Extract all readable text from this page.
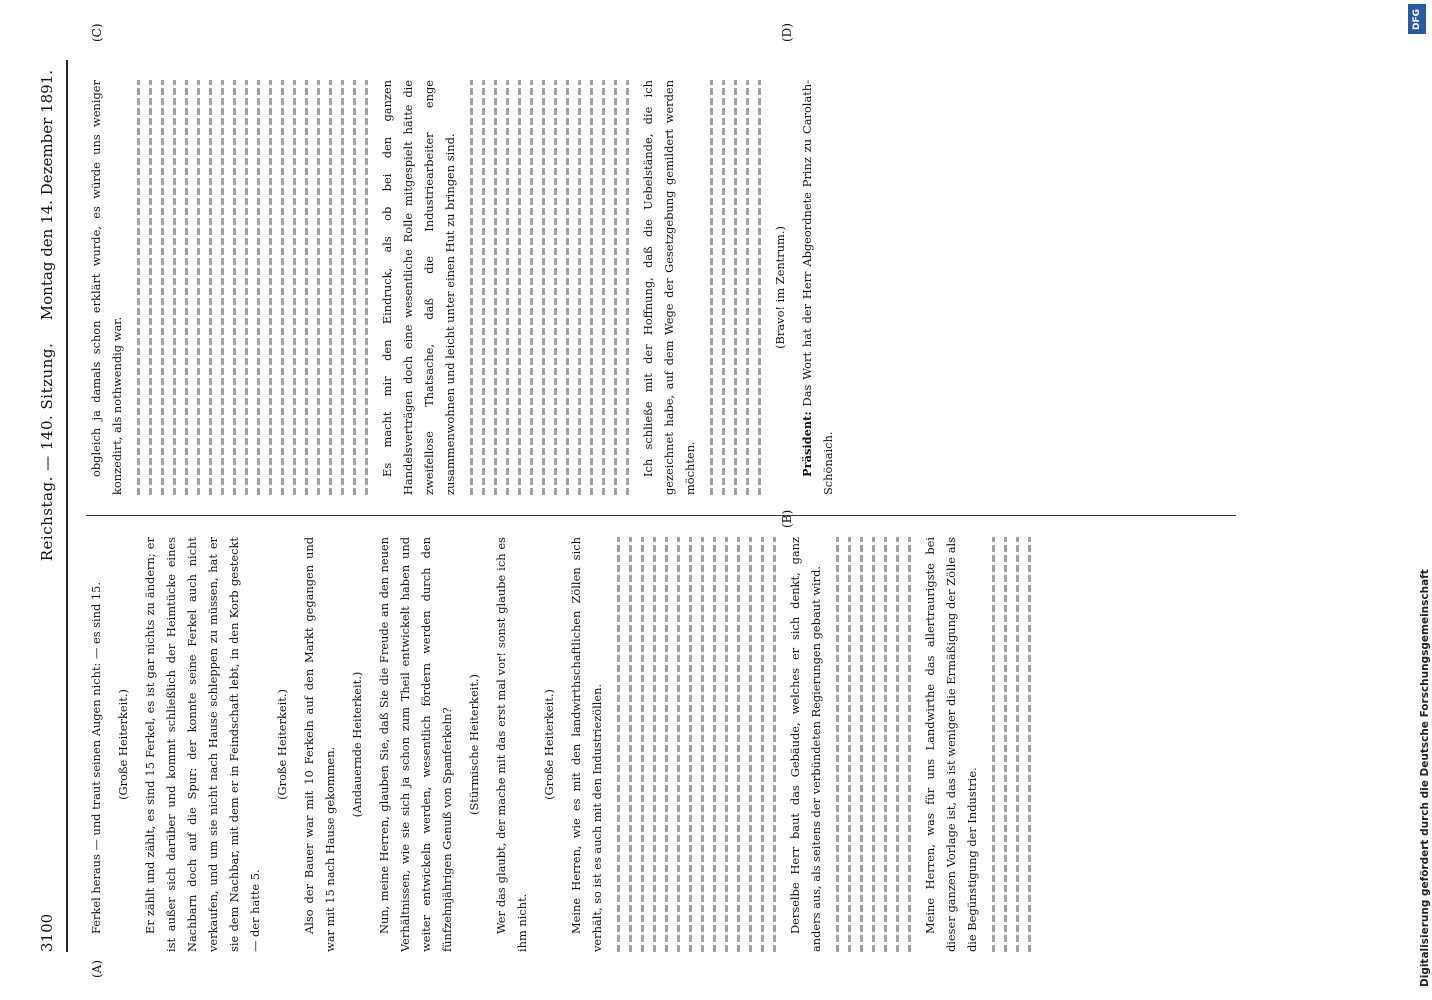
3100
Reichstag. — 140. Sitzung.
Montag den 14. Dezember 1891.
(A)
(B)
(C)	(D)

Ferkel heraus — und traut seinen Augen nicht: — es sind 15.	(Große Heiterkeit.)	Er zählt und zählt, es sind 15 Ferkel, es ist gar nichts zu ändern; er ist außer sich darüber und kommt schließlich der Heimtücke eines Nachbarn doch auf die Spur: der konnte seine Ferkel auch nicht verkaufen, und um sie nicht nach Hause schleppen zu müssen, hat er sie dem Nachbar, mit dem er in Feindschaft lebt, in den Korb gesteckt — der hatte 5.

(Große Heiterkeit.)	Also der Bauer war mit 10 Ferkeln auf den Markt gegangen und war mit 15 nach Hause gekommen.

(Andauernde Heiterkeit.)	Nun, meine Herren, glauben Sie, daß Sie die Freude an den neuen Verhältnissen, wie sie sich ja schon zum Theil entwickelt haben und weiter entwickeln werden, wesentlich fördern werden durch den fünfzehnjährigen Genuß von Spanferkeln?	(Stürmische Heiterkeit.)	Wer das glaubt, der mache mit das erst mal vor! sonst glaube ich es ihm nicht.

(Große Heiterkeit.)	Meine Herren, wie es mit den landwirthschaftlichen Zöllen sich verhält, so ist es auch mit den Industriezöllen.	Derselbe Herr baut das Gebäude, welches er sich denkt, ganz anders aus, als seitens der verbündeten Regierungen gebaut wird.	Meine Herren, was für uns Landwirthe das allertraurigste bei dieser ganzen Vorlage ist, das ist weniger die Ermäßigung der Zölle als die Begünstigung der Industrie.

obgleich ja damals schon erklärt wurde, es würde uns weniger konzedirt, als nothwendig war.	Es macht mir den Eindruck, als ob bei den ganzen Handelsverträgen doch eine wesentliche Rolle mitgespielt hätte die zweifellose Thatsache, daß die Industriearbeiter enge zusammenwohnen und leicht unter einen Hut zu bringen sind.	Ich schließe mit der Hoffnung, daß die Uebelstände, die ich gezeichnet habe, auf dem Wege der Gesetzgebung gemildert werden möchten.

(Bravo! im Zentrum.)

Präsident: Das Wort hat der Herr Abgeordnete Prinz zu Carolath-Schönaich.

DFG
Digitalisierung gefördert durch die Deutsche Forschungsgemeinschaft
